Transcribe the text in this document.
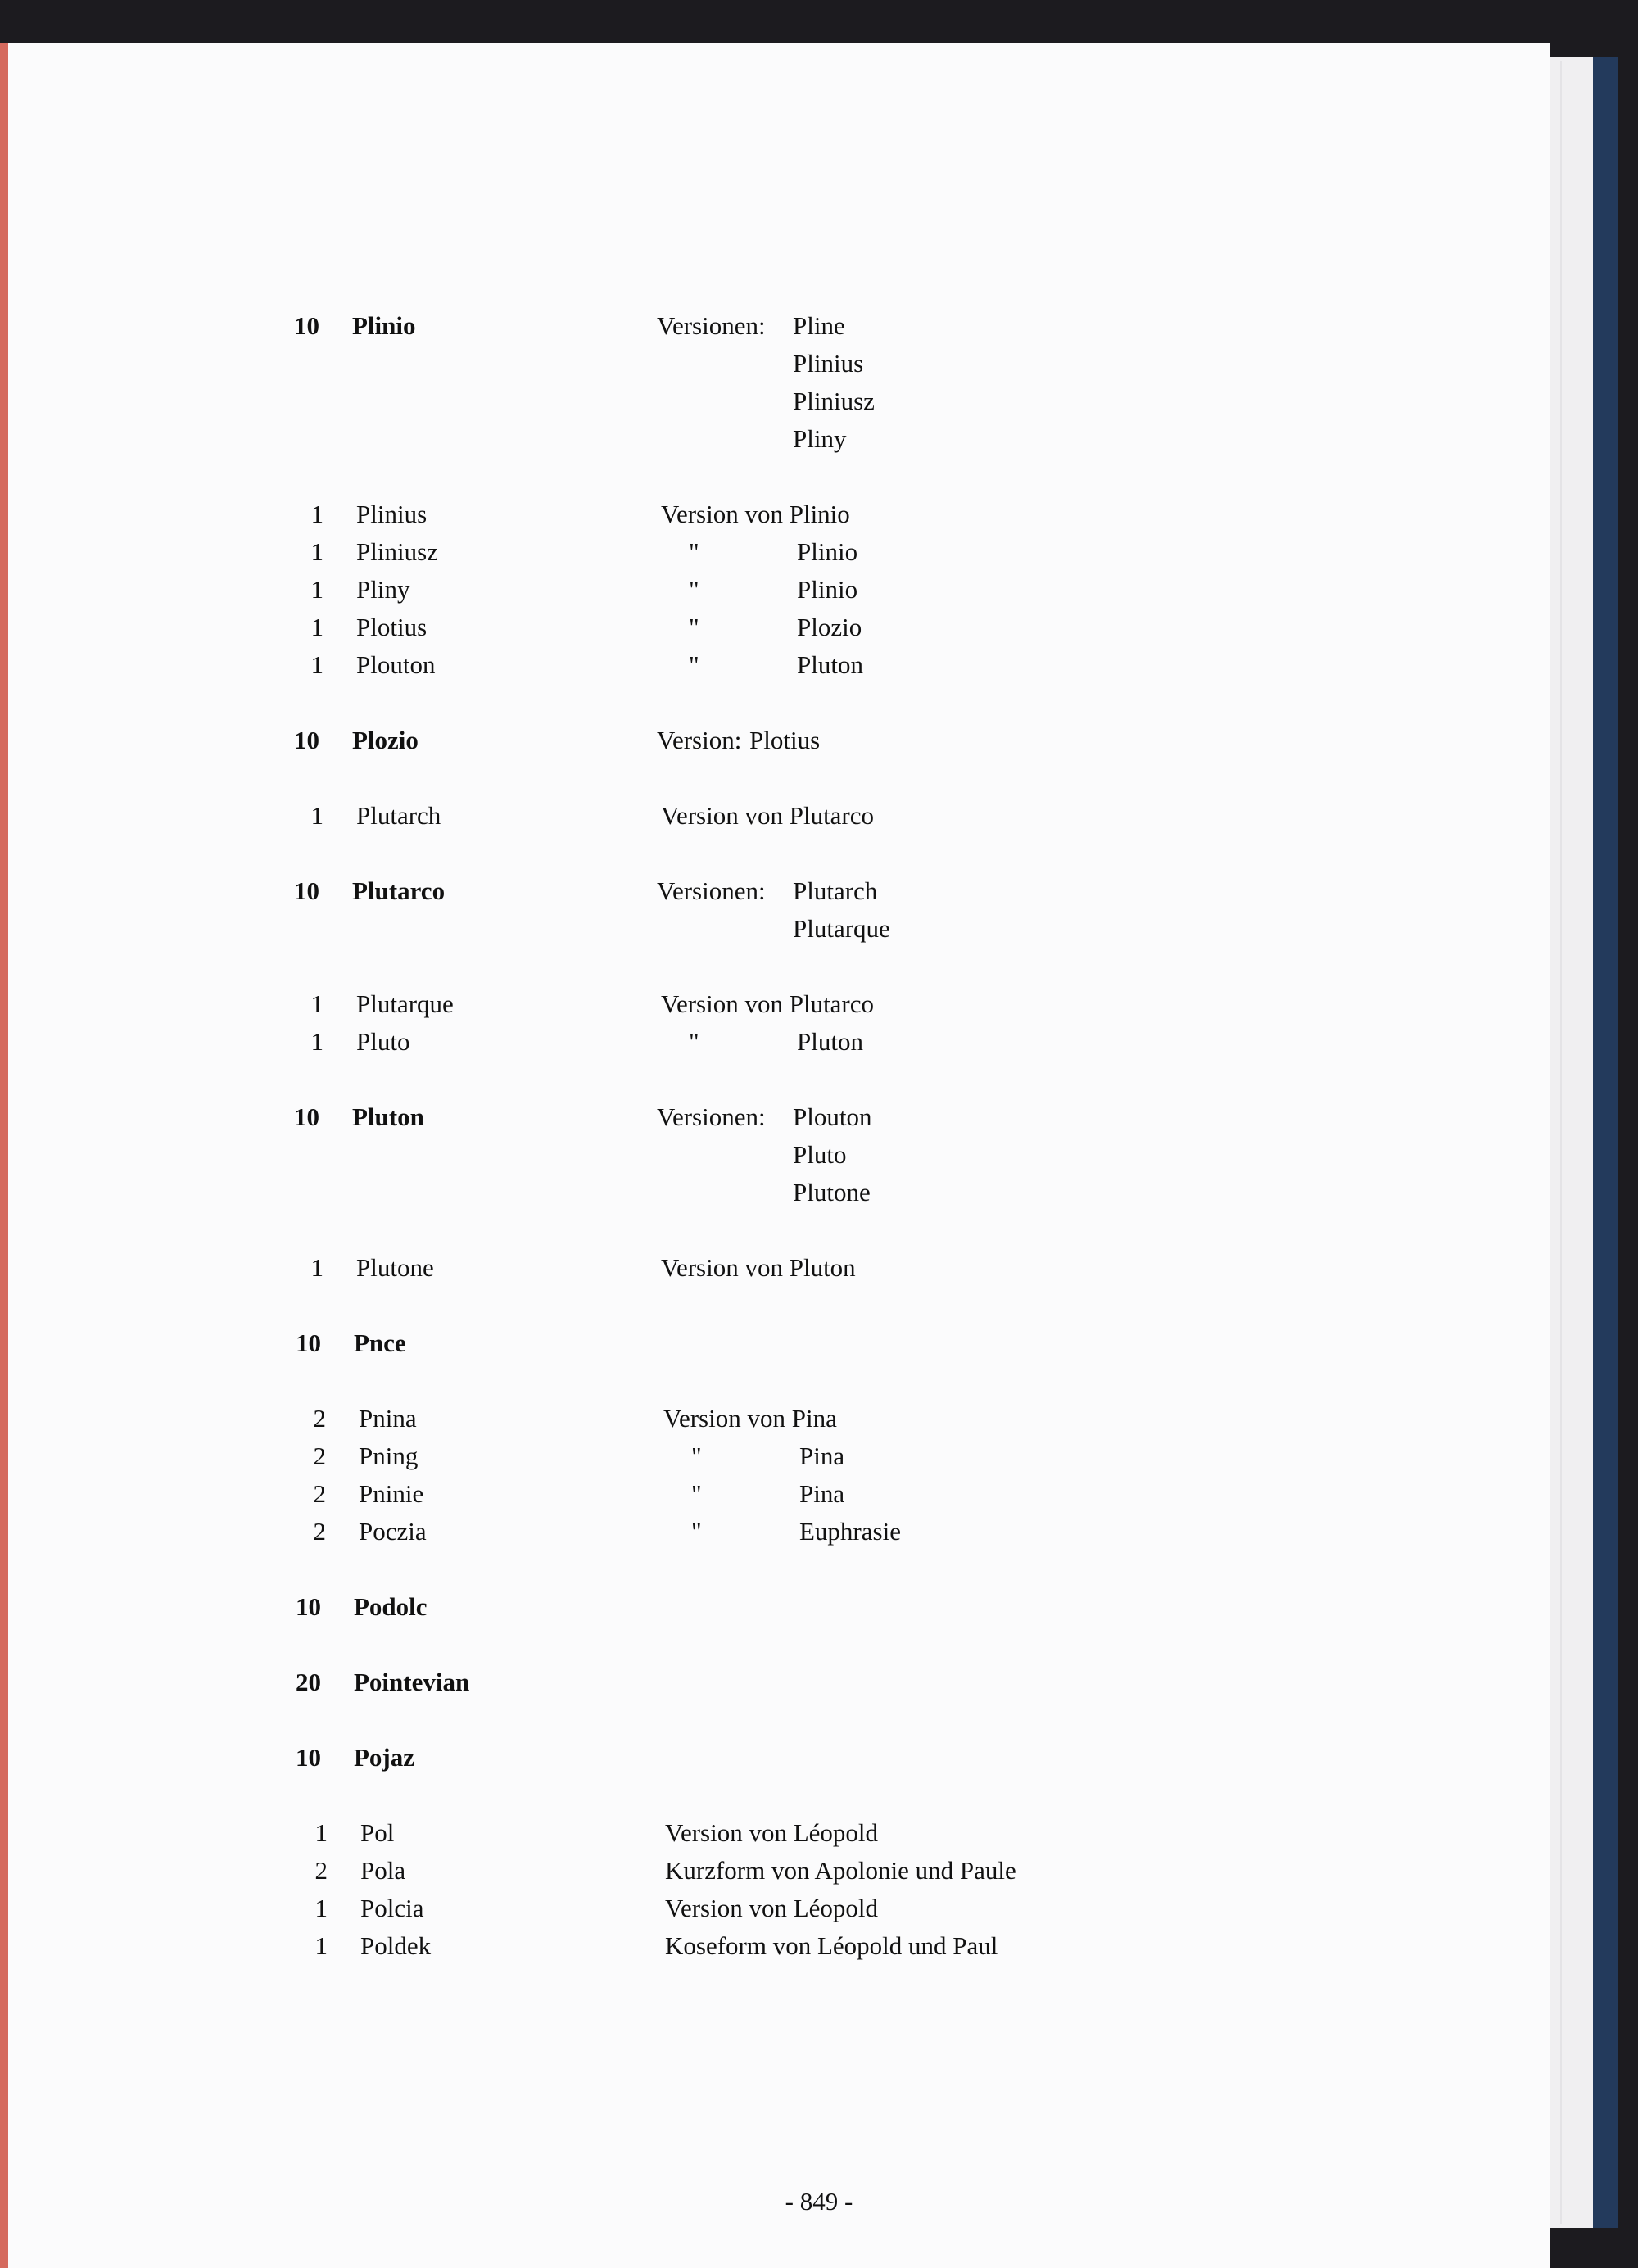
10 Plinio	Versionen: Pline
Plinius
Pliniusz
Pliny
1 Plinius	Version von Plinio
1 Pliniusz	"	Plinio
1 Pliny	"	Plinio
1 Plotius	"	Plozio
1 Plouton	"	Pluton
10 Plozio	Version: Plotius
1 Plutarch	Version von Plutarco
10 Plutarco	Versionen: Plutarch
Plutarque
1 Plutarque	Version von Plutarco
1 Pluto	"	Pluton
10 Pluton	Versionen: Plouton
Pluto
Plutone
1 Plutone	Version von Pluton
10 Pnce
2 Pnina	Version von Pina
2 Pning	"	Pina
2 Pninie	"	Pina
2 Poczia	"	Euphrasie
10 Podolc
20 Pointevian
10 Pojaz
1 Pol	Version von Léopold
2 Pola	Kurzform von Apolonie und Paule
1 Polcia	Version von Léopold
1 Poldek	Koseform von Léopold und Paul
- 849 -
